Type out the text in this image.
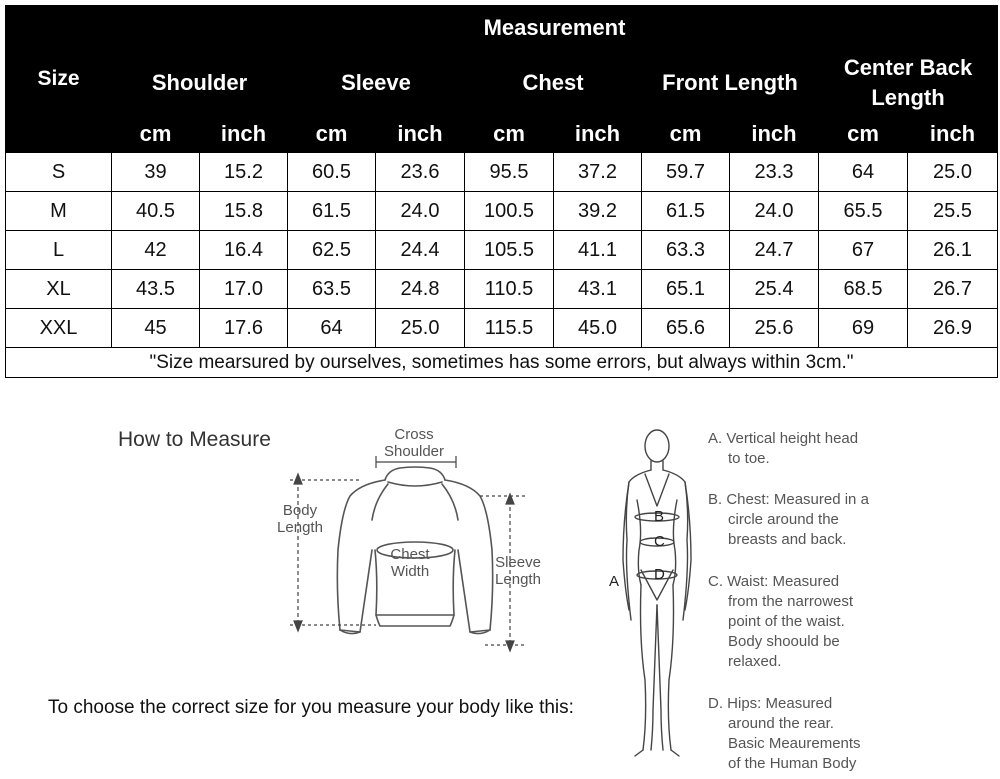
Size	Measurement									
	Shoulder		Sleeve		Chest		Front Length		Center Back Length	
	cm	inch	cm	inch	cm	inch	cm	inch	cm	inch
S	39	15.2	60.5	23.6	95.5	37.2	59.7	23.3	64	25.0
M	40.5	15.8	61.5	24.0	100.5	39.2	61.5	24.0	65.5	25.5
L	42	16.4	62.5	24.4	105.5	41.1	63.3	24.7	67	26.1
XL	43.5	17.0	63.5	24.8	110.5	43.1	65.1	25.4	68.5	26.7
XXL	45	17.6	64	25.0	115.5	45.0	65.6	25.6	69	26.9
"Size mearsured by ourselves, sometimes has some errors, but always within 3cm."										
How to Measure	Cross
Shoulder
Body
Length
Chest
Width
Sleeve
Length
To choose the correct size for you measure your body like this:
B
C
D
A
A. Vertical height head
to toe.
B. Chest: Measured in a
circle around the
breasts and back.
C. Waist: Measured
from the narrowest
point of the waist.
Body shoould be
relaxed.
D. Hips: Measured
around the rear.
Basic Meaurements
of the Human Body
